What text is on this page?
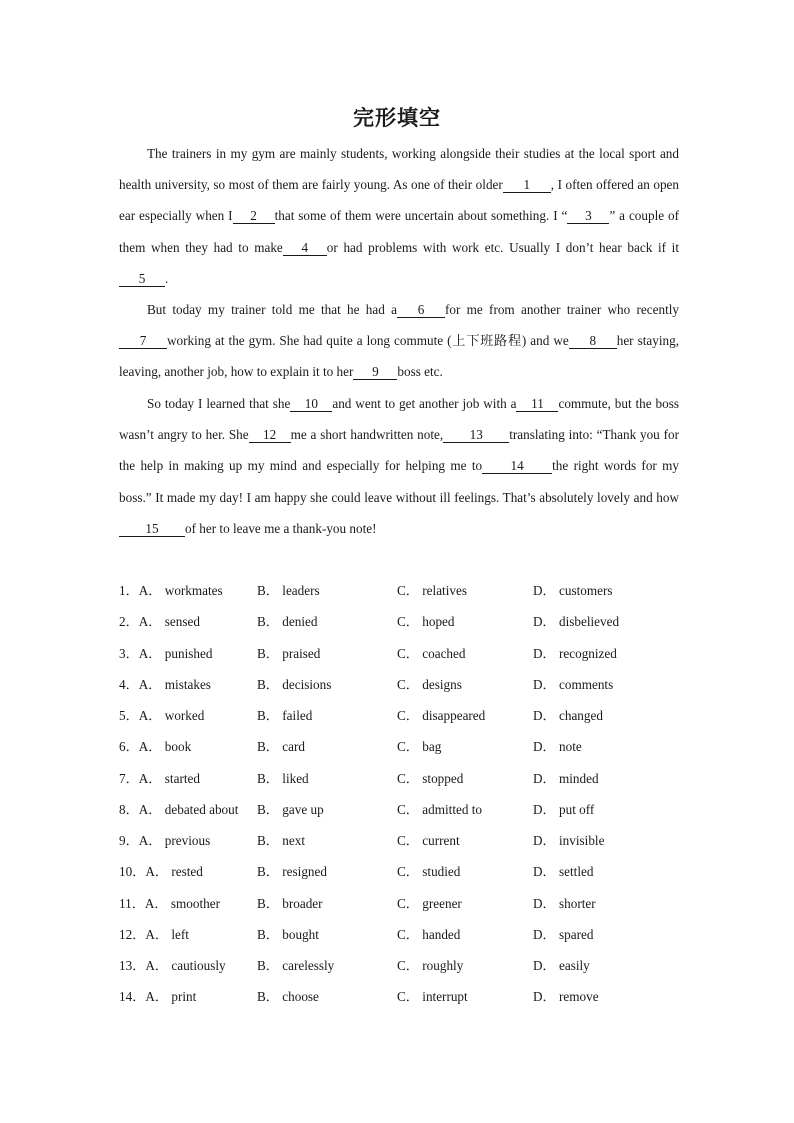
完形填空
The trainers in my gym are mainly students, working alongside their studies at the local sport and health university, so most of them are fairly young. As one of their older 1 , I often offered an open ear especially when I 2 that some of them were uncertain about something. I “ 3 ” a couple of them when they had to make 4 or had problems with work etc. Usually I don’t hear back if it5 .
But today my trainer told me that he had a 6 for me from another trainer who recently7 working at the gym. She had quite a long commute (上下班路程) and we 8 her staying, leaving, another job, how to explain it to her 9 boss etc.
So today I learned that she 10 and went to get another job with a 11 commute, but the boss wasn’t angry to her. She 12 me a short handwritten note, 13 translating into: “Thank you for the help in making up my mind and especially for helping me to 14 the right words for my boss.” It made my day! I am happy she could leave without ill feelings. That’s absolutely lovely and how15 of her to leave me a thank-you note!
1．A． workmates	B． leaders	C． relatives	D． customers
2．A． sensed	B． denied	C． hoped	D． disbelieved
3．A． punished	B． praised	C． coached	D． recognized
4．A． mistakes	B． decisions	C． designs	D． comments
5．A． worked	B． failed	C． disappeared	D． changed
6．A． book	B． card	C． bag	D． note
7．A． started	B． liked	C． stopped	D． minded
8．A． debated about B． gave up	C． admitted to	D． put off
9．A． previous	B． next	C． current	D． invisible
10．A． rested	B． resigned	C． studied	D． settled
11．A． smoother	B． broader	C． greener	D． shorter
12．A． left	B． bought	C． handed	D． spared
13．A． cautiously B． carelessly	C． roughly	D． easily
14．A． print	B． choose	C． interrupt	D． remove
